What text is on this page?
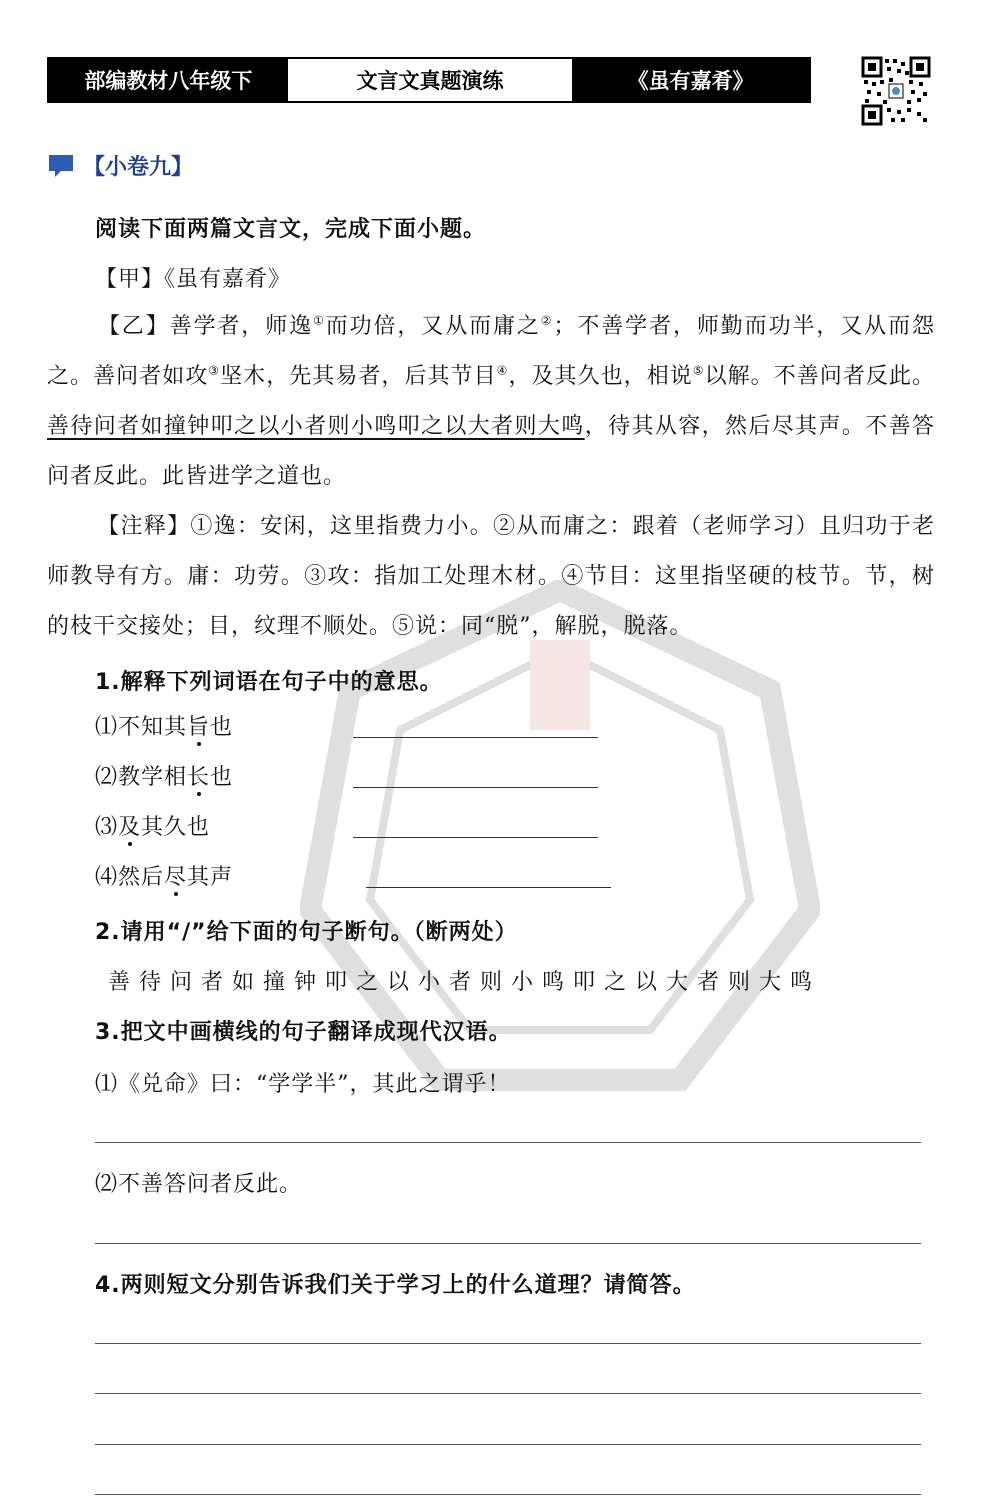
部编教材八年级下	文言文真题演练	《虽有嘉肴》
【小卷九】
阅读下面两篇文言文，完成下面小题。
【甲】《虽有嘉肴》
【乙】善学者，师逸①而功倍，又从而庸之②；不善学者，师勤而功半，又从而怨之。善问者如攻③坚木，先其易者，后其节目④，及其久也，相说⑤以解。不善问者反此。善待问者如撞钟叩之以小者则小鸣叩之以大者则大鸣，待其从容，然后尽其声。不善答问者反此。此皆进学之道也。
【注释】①逸：安闲，这里指费力小。②从而庸之：跟着（老师学习）且归功于老师教导有方。庸：功劳。③攻：指加工处理木材。④节目：这里指坚硬的枝节。节，树的枝干交接处；目，纹理不顺处。⑤说：同“脱”，解脱，脱落。
1.解释下列词语在句子中的意思。
⑴不知其旨也
⑵教学相长也
⑶及其久也
⑷然后尽其声
2.请用“/”给下面的句子断句。（断两处）
善待问者如撞钟叩之以小者则小鸣叩之以大者则大鸣
3.把文中画横线的句子翻译成现代汉语。
⑴《兑命》曰：“学学半”，其此之谓乎！
⑵不善答问者反此。
4.两则短文分别告诉我们关于学习上的什么道理？请简答。
